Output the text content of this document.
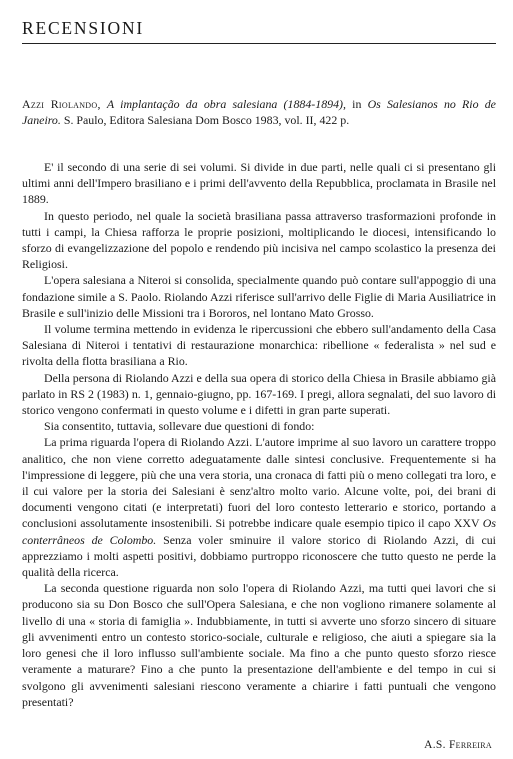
RECENSIONI
Azzi Riolando, A implantação da obra salesiana (1884-1894), in Os Salesianos no Rio de Janeiro. S. Paulo, Editora Salesiana Dom Bosco 1983, vol. II, 422 p.

E' il secondo di una serie di sei volumi. Si divide in due parti, nelle quali ci si presentano gli ultimi anni dell'Impero brasiliano e i primi dell'avvento della Repubblica, proclamata in Brasile nel 1889.

In questo periodo, nel quale la società brasiliana passa attraverso trasformazioni profonde in tutti i campi, la Chiesa rafforza le proprie posizioni, moltiplicando le diocesi, intensificando lo sforzo di evangelizzazione del popolo e rendendo più incisiva nel campo scolastico la presenza dei Religiosi.

L'opera salesiana a Niteroi si consolida, specialmente quando può contare sull'appoggio di una fondazione simile a S. Paolo. Riolando Azzi riferisce sull'arrivo delle Figlie di Maria Ausiliatrice in Brasile e sull'inizio delle Missioni tra i Bororos, nel lontano Mato Grosso.

Il volume termina mettendo in evidenza le ripercussioni che ebbero sull'andamento della Casa Salesiana di Niteroi i tentativi di restaurazione monarchica: ribellione « federalista » nel sud e rivolta della flotta brasiliana a Rio.

Della persona di Riolando Azzi e della sua opera di storico della Chiesa in Brasile abbiamo già parlato in RS 2 (1983) n. 1, gennaio-giugno, pp. 167-169. I pregi, allora segnalati, del suo lavoro di storico vengono confermati in questo volume e i difetti in gran parte superati.

Sia consentito, tuttavia, sollevare due questioni di fondo:

La prima riguarda l'opera di Riolando Azzi. L'autore imprime al suo lavoro un carattere troppo analitico, che non viene corretto adeguatamente dalle sintesi conclusive. Frequentemente si ha l'impressione di leggere, più che una vera storia, una cronaca di fatti più o meno collegati tra loro, e il cui valore per la storia dei Salesiani è senz'altro molto vario. Alcune volte, poi, dei brani di documenti vengono citati (e interpretati) fuori del loro contesto letterario e storico, portando a conclusioni assolutamente insostenibili. Si potrebbe indicare quale esempio tipico il capo XXV Os conterrâneos de Colombo. Senza voler sminuire il valore storico di Riolando Azzi, di cui apprezziamo i molti aspetti positivi, dobbiamo purtroppo riconoscere che tutto questo ne perde la qualità della ricerca.

La seconda questione riguarda non solo l'opera di Riolando Azzi, ma tutti quei lavori che si producono sia su Don Bosco che sull'Opera Salesiana, e che non vogliono rimanere solamente al livello di una « storia di famiglia ». Indubbiamente, in tutti si avverte uno sforzo sincero di situare gli avvenimenti entro un contesto storico-sociale, culturale e religioso, che aiuti a spiegare sia la loro genesi che il loro influsso sull'ambiente sociale. Ma fino a che punto questo sforzo riesce veramente a maturare? Fino a che punto la presentazione dell'ambiente e del tempo in cui si svolgono gli avvenimenti salesiani riescono veramente a chiarire i fatti puntuali che vengono presentati?

A.S. Ferreira
